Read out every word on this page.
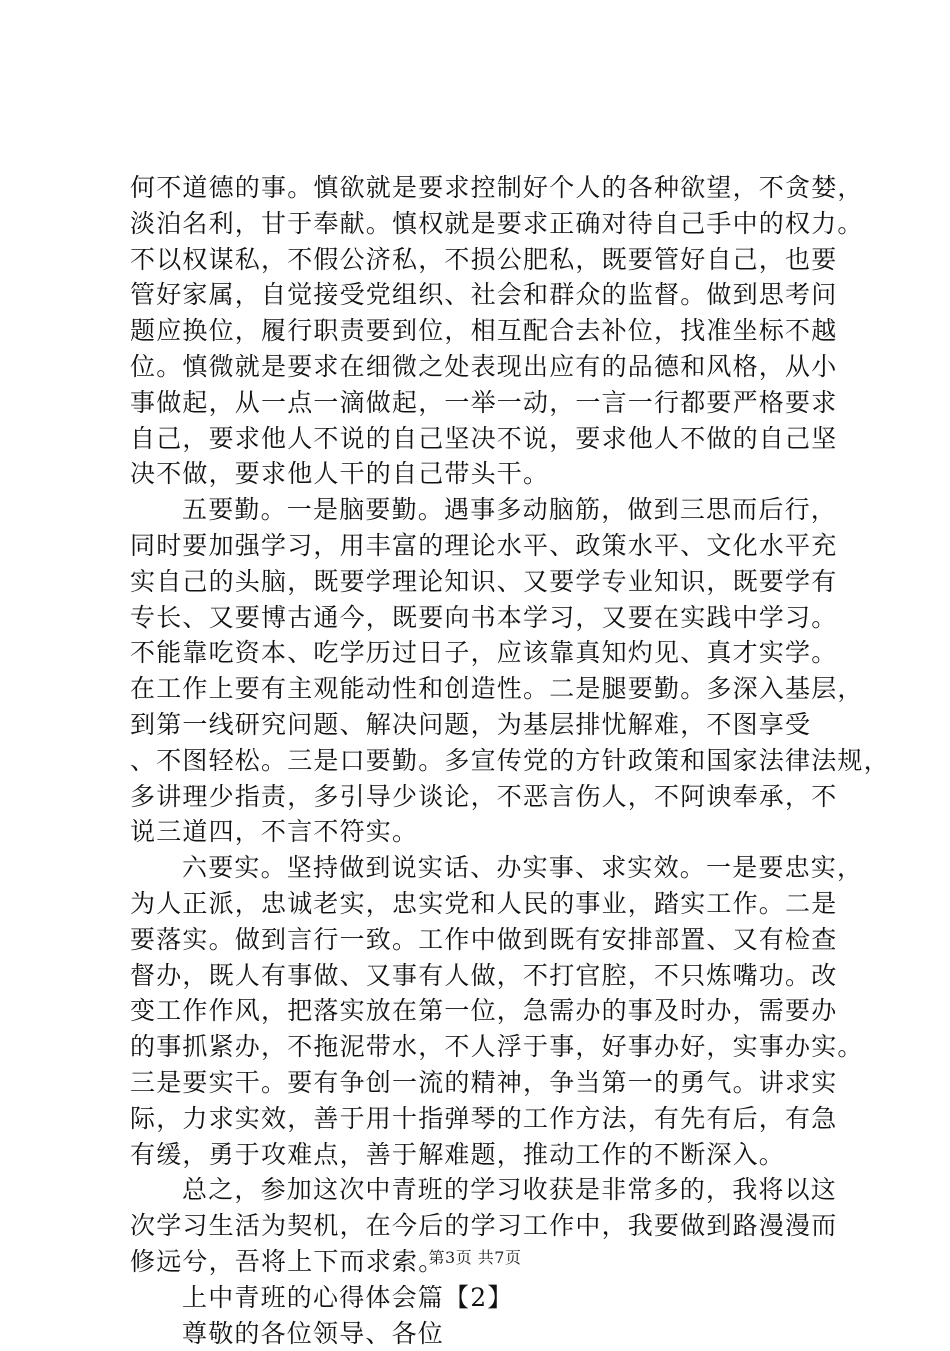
何不道德的事。慎欲就是要求控制好个人的各种欲望，不贪婪，
淡泊名利，甘于奉献。慎权就是要求正确对待自己手中的权力。
不以权谋私，不假公济私，不损公肥私，既要管好自己，也要
管好家属，自觉接受党组织、社会和群众的监督。做到思考问
题应换位，履行职责要到位，相互配合去补位，找准坐标不越
位。慎微就是要求在细微之处表现出应有的品德和风格，从小
事做起，从一点一滴做起，一举一动，一言一行都要严格要求
自己，要求他人不说的自己坚决不说，要求他人不做的自己坚
决不做，要求他人干的自己带头干。
五要勤。一是脑要勤。遇事多动脑筋，做到三思而后行，
同时要加强学习，用丰富的理论水平、政策水平、文化水平充
实自己的头脑，既要学理论知识、又要学专业知识，既要学有
专长、又要博古通今，既要向书本学习，又要在实践中学习。
不能靠吃资本、吃学历过日子，应该靠真知灼见、真才实学。
在工作上要有主观能动性和创造性。二是腿要勤。多深入基层，
到第一线研究问题、解决问题，为基层排忧解难，不图享受
、不图轻松。三是口要勤。多宣传党的方针政策和国家法律法规，
多讲理少指责，多引导少谈论，不恶言伤人，不阿谀奉承，不
说三道四，不言不符实。
六要实。坚持做到说实话、办实事、求实效。一是要忠实，
为人正派，忠诚老实，忠实党和人民的事业，踏实工作。二是
要落实。做到言行一致。工作中做到既有安排部置、又有检查
督办，既人有事做、又事有人做，不打官腔，不只炼嘴功。改
变工作作风，把落实放在第一位，急需办的事及时办，需要办
的事抓紧办，不拖泥带水，不人浮于事，好事办好，实事办实。
三是要实干。要有争创一流的精神，争当第一的勇气。讲求实
际，力求实效，善于用十指弹琴的工作方法，有先有后，有急
有缓，勇于攻难点，善于解难题，推动工作的不断深入。
总之，参加这次中青班的学习收获是非常多的，我将以这
次学习生活为契机，在今后的学习工作中，我要做到路漫漫而
修远兮，吾将上下而求索。
上中青班的心得体会篇【2】
尊敬的各位领导、各位
第3页 共7页
